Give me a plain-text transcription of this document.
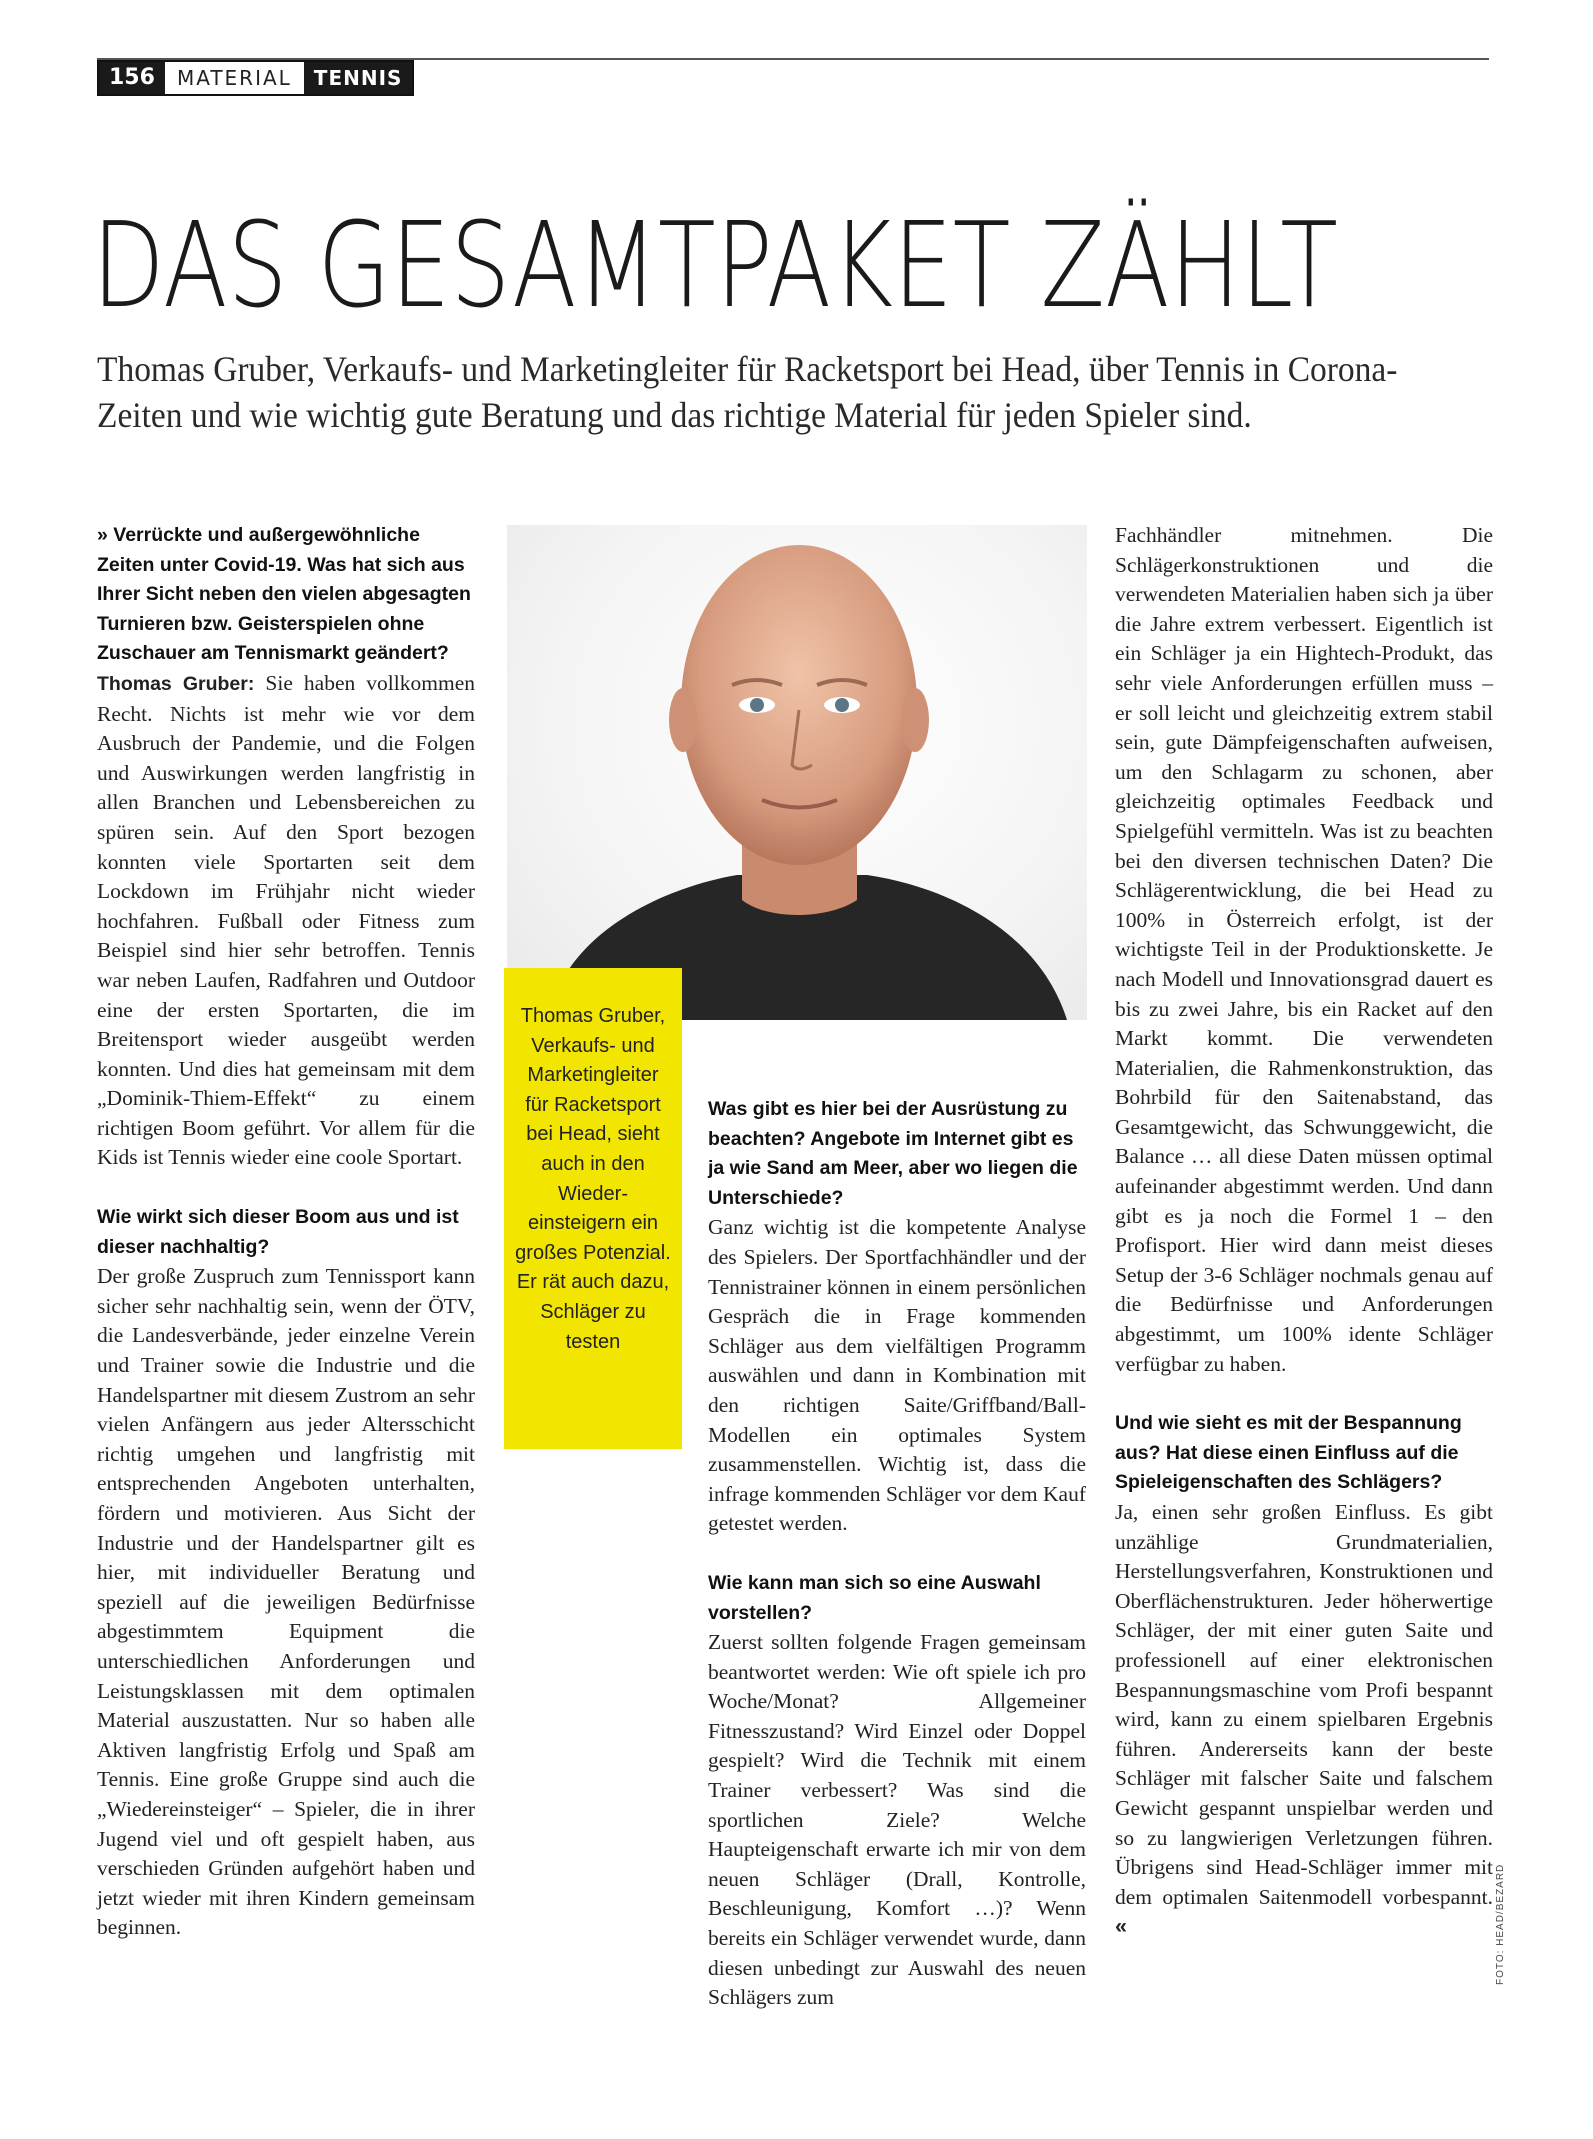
156	MATERIAL	TENNIS
DAS GESAMTPAKET ZÄHLT

Thomas Gruber, Verkaufs- und Marketingleiter für Racketsport bei Head, über Tennis in Corona-Zeiten und wie wichtig gute Beratung und das richtige Material für jeden Spieler sind.

» Verrückte und außergewöhnliche Zeiten unter Covid-19. Was hat sich aus Ihrer Sicht neben den vielen abgesagten Turnieren bzw. Geisterspielen ohne Zuschauer am Tennismarkt geändert?

Thomas Gruber: Sie haben vollkommen Recht. Nichts ist mehr wie vor dem Ausbruch der Pandemie, und die Folgen und Auswirkungen werden langfristig in allen Branchen und Lebensbereichen zu spüren sein. Auf den Sport bezogen konnten viele Sportarten seit dem Lockdown im Frühjahr nicht wieder hochfahren. Fußball oder Fitness zum Beispiel sind hier sehr betroffen. Tennis war neben Laufen, Radfahren und Outdoor eine der ersten Sportarten, die im Breitensport wieder ausgeübt werden konnten. Und dies hat gemeinsam mit dem „Dominik-Thiem-Effekt“ zu einem richtigen Boom geführt. Vor allem für die Kids ist Tennis wieder eine coole Sportart.

Wie wirkt sich dieser Boom aus und ist dieser nachhaltig?

Der große Zuspruch zum Tennissport kann sicher sehr nachhaltig sein, wenn der ÖTV, die Landesverbände, jeder einzelne Verein und Trainer sowie die Industrie und die Handelspartner mit diesem Zustrom an sehr vielen Anfängern aus jeder Altersschicht richtig umgehen und langfristig mit entsprechenden Angeboten unterhalten, fördern und motivieren. Aus Sicht der Industrie und der Handelspartner gilt es hier, mit individueller Beratung und speziell auf die jeweiligen Bedürfnisse abgestimmtem Equipment die unterschiedlichen Anforderungen und Leistungsklassen mit dem optimalen Material auszustatten. Nur so haben alle Aktiven langfristig Erfolg und Spaß am Tennis. Eine große Gruppe sind auch die „Wiedereinsteiger“ – Spieler, die in ihrer Jugend viel und oft gespielt haben, aus verschieden Gründen aufgehört haben und jetzt wieder mit ihren Kindern gemeinsam beginnen.

Thomas Gruber, Verkaufs- und Marketingleiter für Racketsport bei Head, sieht auch in den Wiedereinsteigern ein großes Potenzial. Er rät auch dazu, Schläger zu testen

Was gibt es hier bei der Ausrüstung zu beachten? Angebote im Internet gibt es ja wie Sand am Meer, aber wo liegen die Unterschiede?

Ganz wichtig ist die kompetente Analyse des Spielers. Der Sportfachhändler und der Tennistrainer können in einem persönlichen Gespräch die in Frage kommenden Schläger aus dem vielfältigen Programm auswählen und dann in Kombination mit den richtigen Saite/Griffband/Ball-Modellen ein optimales System zusammenstellen. Wichtig ist, dass die infrage kommenden Schläger vor dem Kauf getestet werden.

Wie kann man sich so eine Auswahl vorstellen?

Zuerst sollten folgende Fragen gemeinsam beantwortet werden: Wie oft spiele ich pro Woche/Monat? Allgemeiner Fitnesszustand? Wird Einzel oder Doppel gespielt? Wird die Technik mit einem Trainer verbessert? Was sind die sportlichen Ziele? Welche Haupteigenschaft erwarte ich mir von dem neuen Schläger (Drall, Kontrolle, Beschleunigung, Komfort …)? Wenn bereits ein Schläger verwendet wurde, dann diesen unbedingt zur Auswahl des neuen Schlägers zum

Fachhändler mitnehmen. Die Schlägerkonstruktionen und die verwendeten Materialien haben sich ja über die Jahre extrem verbessert. Eigentlich ist ein Schläger ja ein Hightech-Produkt, das sehr viele Anforderungen erfüllen muss – er soll leicht und gleichzeitig extrem stabil sein, gute Dämpfeigenschaften aufweisen, um den Schlagarm zu schonen, aber gleichzeitig optimales Feedback und Spielgefühl vermitteln. Was ist zu beachten bei den diversen technischen Daten? Die Schlägerentwicklung, die bei Head zu 100% in Österreich erfolgt, ist der wichtigste Teil in der Produktionskette. Je nach Modell und Innovationsgrad dauert es bis zu zwei Jahre, bis ein Racket auf den Markt kommt. Die verwendeten Materialien, die Rahmenkonstruktion, das Bohrbild für den Saitenabstand, das Gesamtgewicht, das Schwunggewicht, die Balance … all diese Daten müssen optimal aufeinander abgestimmt werden. Und dann gibt es ja noch die Formel 1 – den Profisport. Hier wird dann meist dieses Setup der 3-6 Schläger nochmals genau auf die Bedürfnisse und Anforderungen abgestimmt, um 100% idente Schläger verfügbar zu haben.

Und wie sieht es mit der Bespannung aus? Hat diese einen Einfluss auf die Spieleigenschaften des Schlägers?

Ja, einen sehr großen Einfluss. Es gibt unzählige Grundmaterialien, Herstellungsverfahren, Konstruktionen und Oberflächenstrukturen. Jeder höherwertige Schläger, der mit einer guten Saite und professionell auf einer elektronischen Bespannungsmaschine vom Profi bespannt wird, kann zu einem spielbaren Ergebnis führen. Andererseits kann der beste Schläger mit falscher Saite und falschem Gewicht gespannt unspielbar werden und so zu langwierigen Verletzungen führen. Übrigens sind Head-Schläger immer mit dem optimalen Saitenmodell vorbespannt. «	FOTO: HEAD/BEZARD
